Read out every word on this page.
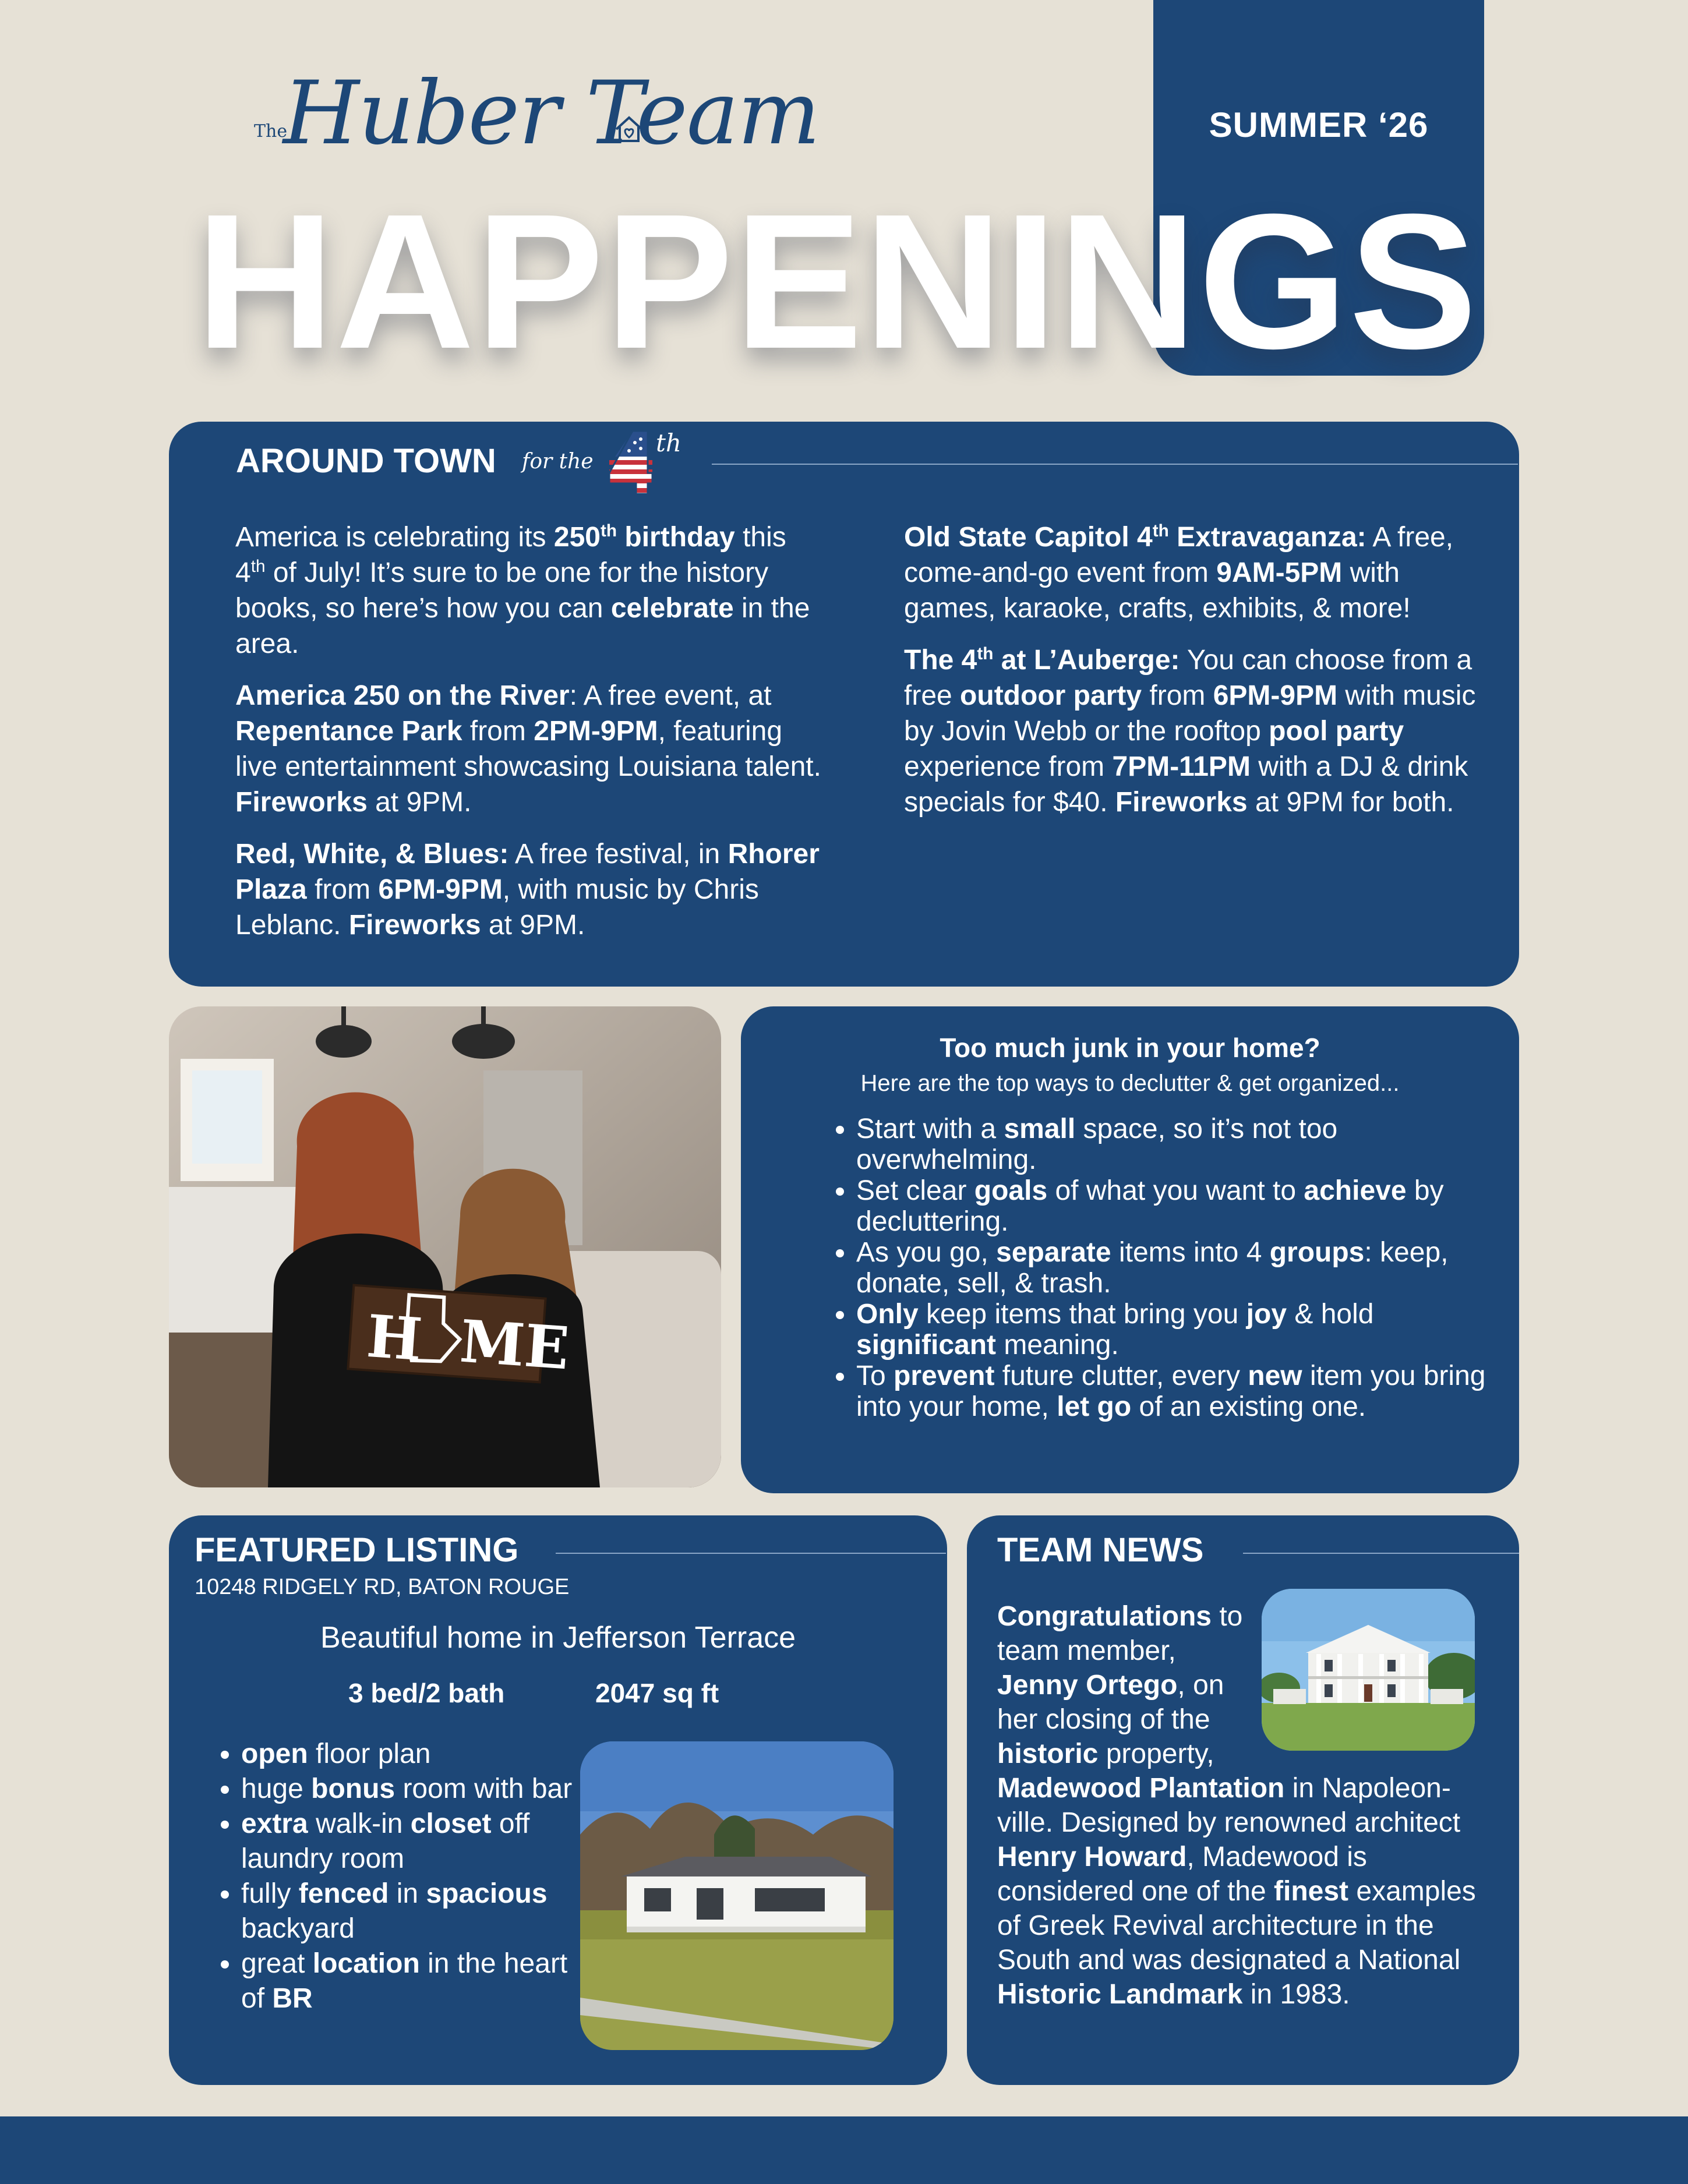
SUMMER ‘26
The
Huber Team
HAPPENINGS
AROUND TOWN for the
th

America is celebrating its 250th birthday this 4th of July! It’s sure to be one for the history books, so here’s how you can celebrate in the area.

America 250 on the River: A free event, at Repentance Park from 2PM-9PM, featuring live entertainment showcasing Louisiana talent. Fireworks at 9PM.

Red, White, & Blues: A free festival, in Rhorer Plaza from 6PM-9PM, with music by Chris Leblanc. Fireworks at 9PM.

Old State Capitol 4th Extravaganza: A free, come-and-go event from 9AM-5PM with games, karaoke, crafts, exhibits, & more!

The 4th at L’Auberge: You can choose from a free outdoor party from 6PM-9PM with music by Jovin Webb or the rooftop pool party experience from 7PM-11PM with a DJ & drink specials for $40. Fireworks at 9PM for both.

H ME
Too much junk in your home?
Here are the top ways to declutter & get organized...
• Start with a small space, so it’s not too overwhelming.
• Set clear goals of what you want to achieve by decluttering.
• As you go, separate items into 4 groups: keep, donate, sell, & trash.
• Only keep items that bring you joy & hold significant meaning.
• To prevent future clutter, every new item you bring into your home, let go of an existing one.
FEATURED LISTING
10248 RIDGELY RD, BATON ROUGE
Beautiful home in Jefferson Terrace
3 bed/2 bath	2047 sq ft
• open floor plan
• huge bonus room with bar
• extra walk-in closet off laundry room
• fully fenced in spacious backyard
• great location in the heart of BR
TEAM NEWS
Congratulations to team member, Jenny Ortego, on her closing of the historic property,
Madewood Plantation in Napoleon-ville. Designed by renowned architect Henry Howard, Madewood is considered one of the finest examples of Greek Revival architecture in the South and was designated a National Historic Landmark in 1983.
